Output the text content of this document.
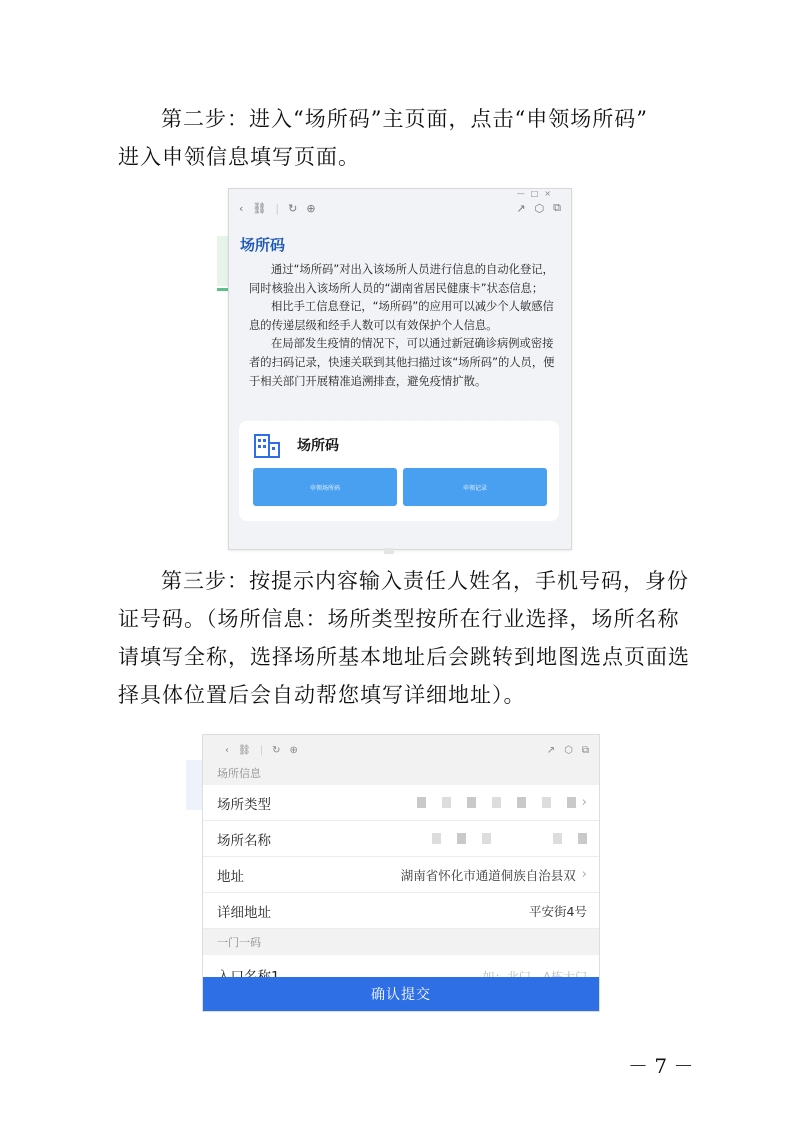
第二步：进入“场所码”主页面，点击“申领场所码”
进入申领信息填写页面。
—□×
‹ ⛓ | ↻ ⊕	↗ ⬡ ⧉
场所码

通过“场所码”对出入该场所人员进行信息的自动化登记，同时核验出入该场所人员的“湖南省居民健康卡”状态信息；

相比手工信息登记，“场所码”的应用可以减少个人敏感信息的传递层级和经手人数可以有效保护个人信息。

在局部发生疫情的情况下，可以通过新冠确诊病例或密接者的扫码记录，快速关联到其他扫描过该“场所码”的人员，便于相关部门开展精准追溯排查，避免疫情扩散。

场所码
申领场所码	申领记录
第三步：按提示内容输入责任人姓名，手机号码，身份
证号码。（场所信息：场所类型按所在行业选择，场所名称
请填写全称，选择场所基本地址后会跳转到地图选点页面选
择具体位置后会自动帮您填写详细地址）。
‹ ⛓ | ↻ ⊕	↗ ⬡ ⧉
场所信息
场所类型	›
场所名称
地址	湖南省怀化市通道侗族自治县双 ›
详细地址	平安街4号
一门一码
确认提交
－ 7 －
